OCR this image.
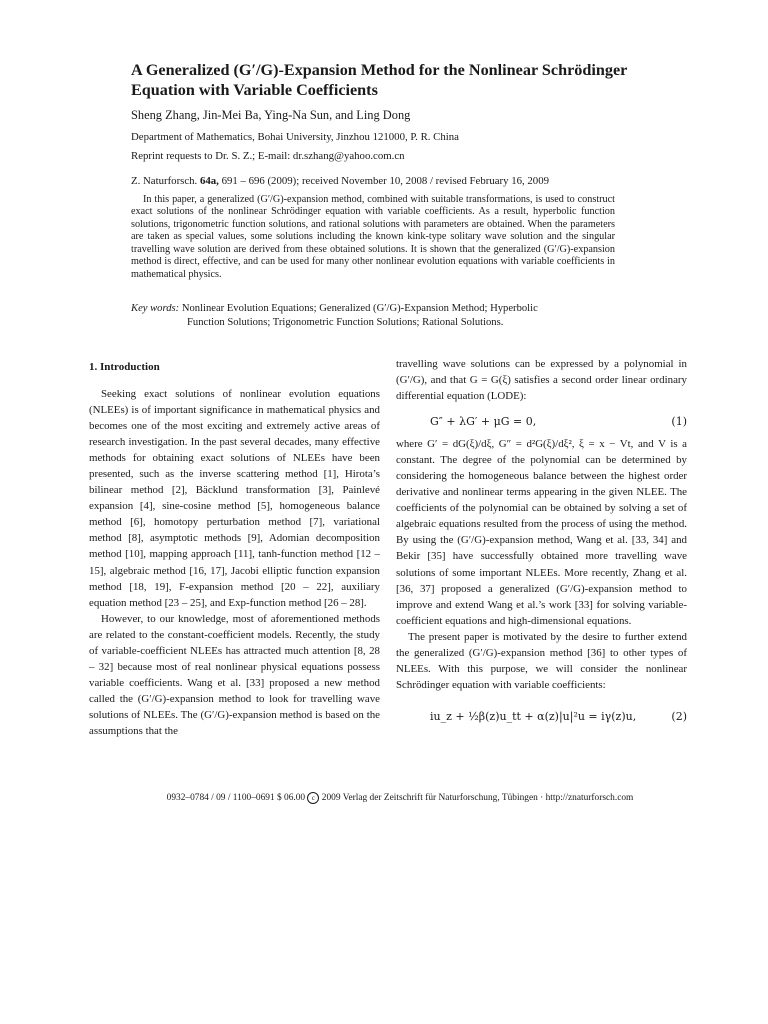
A Generalized (G′/G)-Expansion Method for the Nonlinear Schrödinger Equation with Variable Coefficients
Sheng Zhang, Jin-Mei Ba, Ying-Na Sun, and Ling Dong
Department of Mathematics, Bohai University, Jinzhou 121000, P. R. China
Reprint requests to Dr. S. Z.; E-mail: dr.szhang@yahoo.com.cn
Z. Naturforsch. 64a, 691 – 696 (2009); received November 10, 2008 / revised February 16, 2009

In this paper, a generalized (G′/G)-expansion method, combined with suitable transformations, is used to construct exact solutions of the nonlinear Schrödinger equation with variable coefficients. As a result, hyperbolic function solutions, trigonometric function solutions, and rational solutions with parameters are obtained. When the parameters are taken as special values, some solutions including the known kink-type solitary wave solution and the singular travelling wave solution are derived from these obtained solutions. It is shown that the generalized (G′/G)-expansion method is direct, effective, and can be used for many other nonlinear evolution equations with variable coefficients in mathematical physics.

Key words: Nonlinear Evolution Equations; Generalized (G′/G)-Expansion Method; Hyperbolic
Function Solutions; Trigonometric Function Solutions; Rational Solutions.
1. Introduction

Seeking exact solutions of nonlinear evolution equations (NLEEs) is of important significance in mathematical physics and becomes one of the most exciting and extremely active areas of research investigation. In the past several decades, many effective methods for obtaining exact solutions of NLEEs have been presented, such as the inverse scattering method [1], Hirota’s bilinear method [2], Bäcklund transformation [3], Painlevé expansion [4], sine-cosine method [5], homogeneous balance method [6], homotopy perturbation method [7], variational method [8], asymptotic methods [9], Adomian decomposition method [10], mapping approach [11], tanh-function method [12 – 15], algebraic method [16, 17], Jacobi elliptic function expansion method [18, 19], F-expansion method [20 – 22], auxiliary equation method [23 – 25], and Exp-function method [26 – 28].

However, to our knowledge, most of aforementioned methods are related to the constant-coefficient models. Recently, the study of variable-coefficient NLEEs has attracted much attention [8, 28 – 32] because most of real nonlinear physical equations possess variable coefficients. Wang et al. [33] proposed a new method called the (G′/G)-expansion method to look for travelling wave solutions of NLEEs. The (G′/G)-expansion method is based on the assumptions that the

travelling wave solutions can be expressed by a polynomial in (G′/G), and that G = G(ξ) satisfies a second order linear ordinary differential equation (LODE):

G″ + λG′ + μG = 0,	(1)

where G′ = dG(ξ)/dξ, G″ = d²G(ξ)/dξ², ξ = x − Vt, and V is a constant. The degree of the polynomial can be determined by considering the homogeneous balance between the highest order derivative and nonlinear terms appearing in the given NLEE. The coefficients of the polynomial can be obtained by solving a set of algebraic equations resulted from the process of using the method. By using the (G′/G)-expansion method, Wang et al. [33, 34] and Bekir [35] have successfully obtained more travelling wave solutions of some important NLEEs. More recently, Zhang et al. [36, 37] proposed a generalized (G′/G)-expansion method to improve and extend Wang et al.’s work [33] for solving variable-coefficient equations and high-dimensional equations.

The present paper is motivated by the desire to further extend the generalized (G′/G)-expansion method [36] to other types of NLEEs. With this purpose, we will consider the nonlinear Schrödinger equation with variable coefficients:

iu_z + ½β(z)u_tt + α(z)|u|²u = iγ(z)u,	(2)
0932–0784 / 09 / 1100–0691 $ 06.00 c 2009 Verlag der Zeitschrift für Naturforschung, Tübingen · http://znaturforsch.com
